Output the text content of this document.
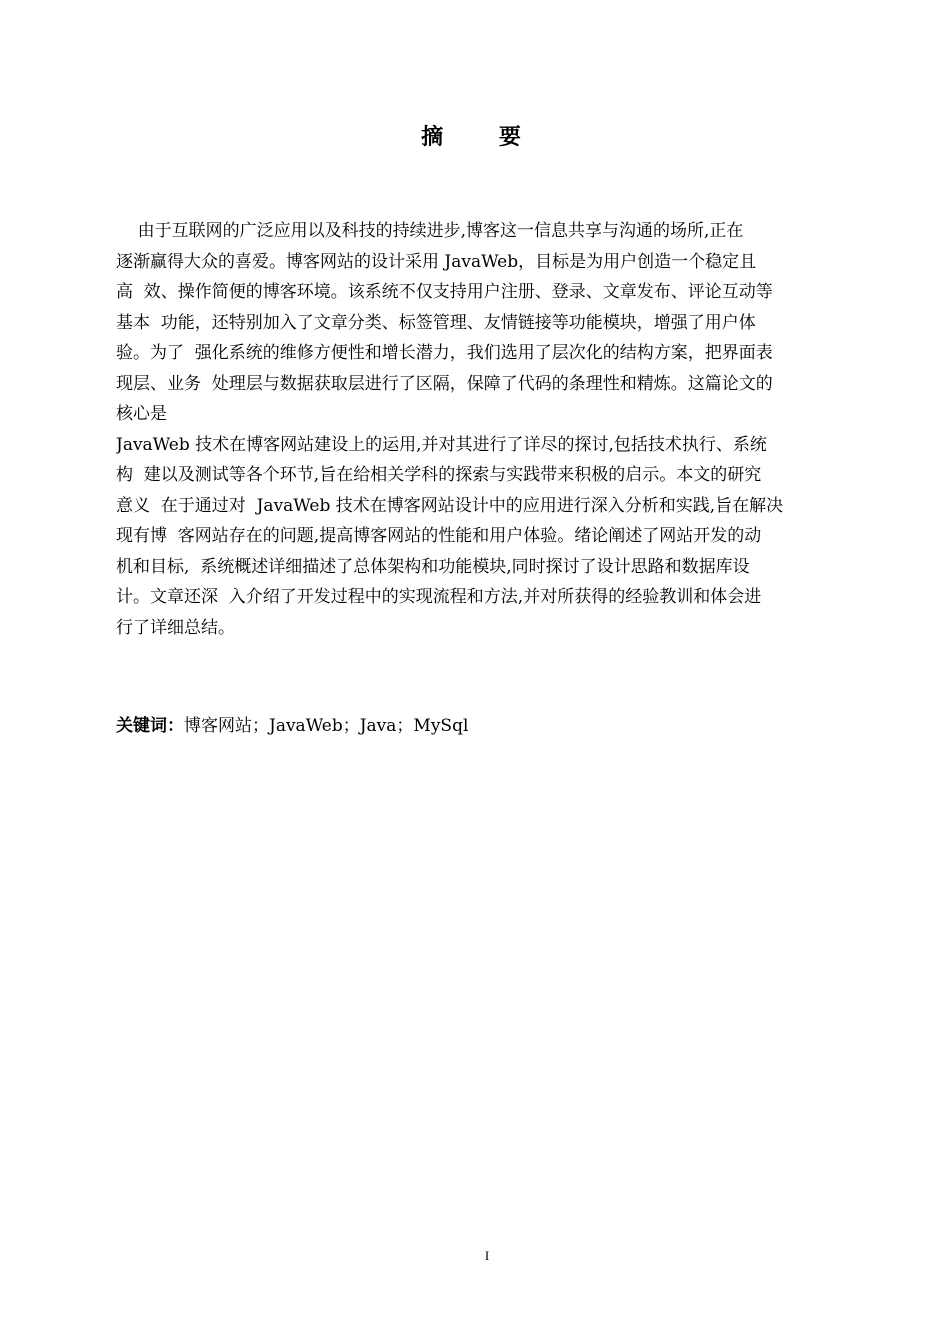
摘 要
由于互联网的广泛应用以及科技的持续进步,博客这一信息共享与沟通的场所,正在
逐渐赢得大众的喜爱。博客网站的设计采用 JavaWeb，目标是为用户创造一个稳定且
高  效、操作简便的博客环境。该系统不仅支持用户注册、登录、文章发布、评论互动等
基本  功能，还特别加入了文章分类、标签管理、友情链接等功能模块，增强了用户体
验。为了  强化系统的维修方便性和增长潜力，我们选用了层次化的结构方案，把界面表
现层、业务  处理层与数据获取层进行了区隔，保障了代码的条理性和精炼。这篇论文的
核心是
JavaWeb 技术在博客网站建设上的运用,并对其进行了详尽的探讨,包括技术执行、系统
构  建以及测试等各个环节,旨在给相关学科的探索与实践带来积极的启示。本文的研究
意义  在于通过对  JavaWeb 技术在博客网站设计中的应用进行深入分析和实践,旨在解决
现有博  客网站存在的问题,提高博客网站的性能和用户体验。绪论阐述了网站开发的动
机和目标,  系统概述详细描述了总体架构和功能模块,同时探讨了设计思路和数据库设
计。文章还深  入介绍了开发过程中的实现流程和方法,并对所获得的经验教训和体会进
行了详细总结。
关键词：博客网站；JavaWeb；Java；MySql
I
